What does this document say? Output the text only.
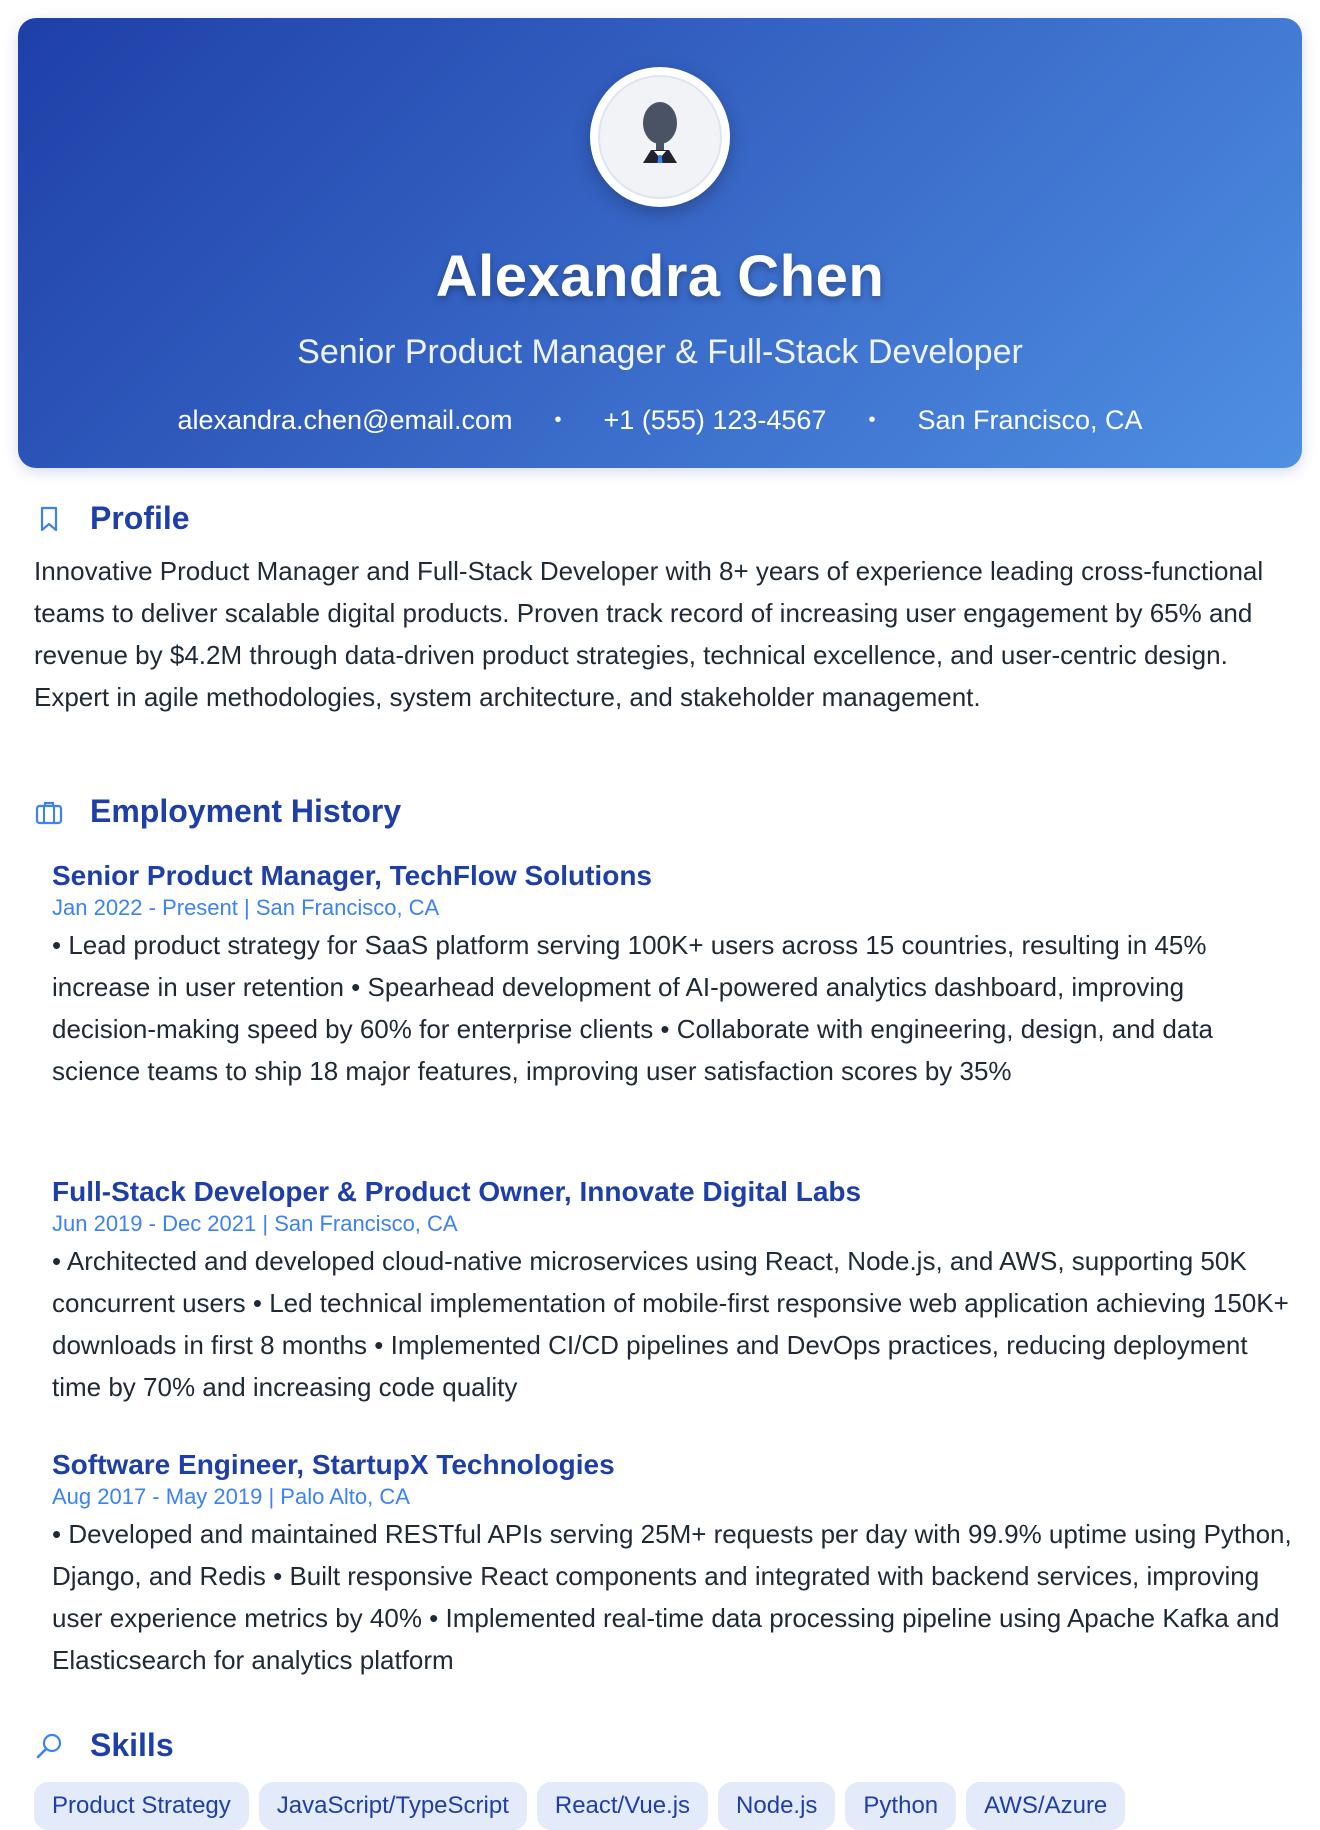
Alexandra Chen
Senior Product Manager & Full-Stack Developer
alexandra.chen@email.com • +1 (555) 123-4567 • San Francisco, CA
Profile

Innovative Product Manager and Full-Stack Developer with 8+ years of experience leading cross-functional teams to deliver scalable digital products. Proven track record of increasing user engagement by 65% and revenue by $4.2M through data-driven product strategies, technical excellence, and user-centric design. Expert in agile methodologies, system architecture, and stakeholder management.

Employment History
Senior Product Manager, TechFlow Solutions
Jan 2022 - Present | San Francisco, CA

• Lead product strategy for SaaS platform serving 100K+ users across 15 countries, resulting in 45% increase in user retention • Spearhead development of AI-powered analytics dashboard, improving decision-making speed by 60% for enterprise clients • Collaborate with engineering, design, and data science teams to ship 18 major features, improving user satisfaction scores by 35%

Full-Stack Developer & Product Owner, Innovate Digital Labs
Jun 2019 - Dec 2021 | San Francisco, CA

• Architected and developed cloud-native microservices using React, Node.js, and AWS, supporting 50K concurrent users • Led technical implementation of mobile-first responsive web application achieving 150K+ downloads in first 8 months • Implemented CI/CD pipelines and DevOps practices, reducing deployment time by 70% and increasing code quality

Software Engineer, StartupX Technologies
Aug 2017 - May 2019 | Palo Alto, CA

• Developed and maintained RESTful APIs serving 25M+ requests per day with 99.9% uptime using Python, Django, and Redis • Built responsive React components and integrated with backend services, improving user experience metrics by 40% • Implemented real-time data processing pipeline using Apache Kafka and Elasticsearch for analytics platform

Skills
Product Strategy	JavaScript/TypeScript	React/Vue.js	Node.js	Python	AWS/Azure
